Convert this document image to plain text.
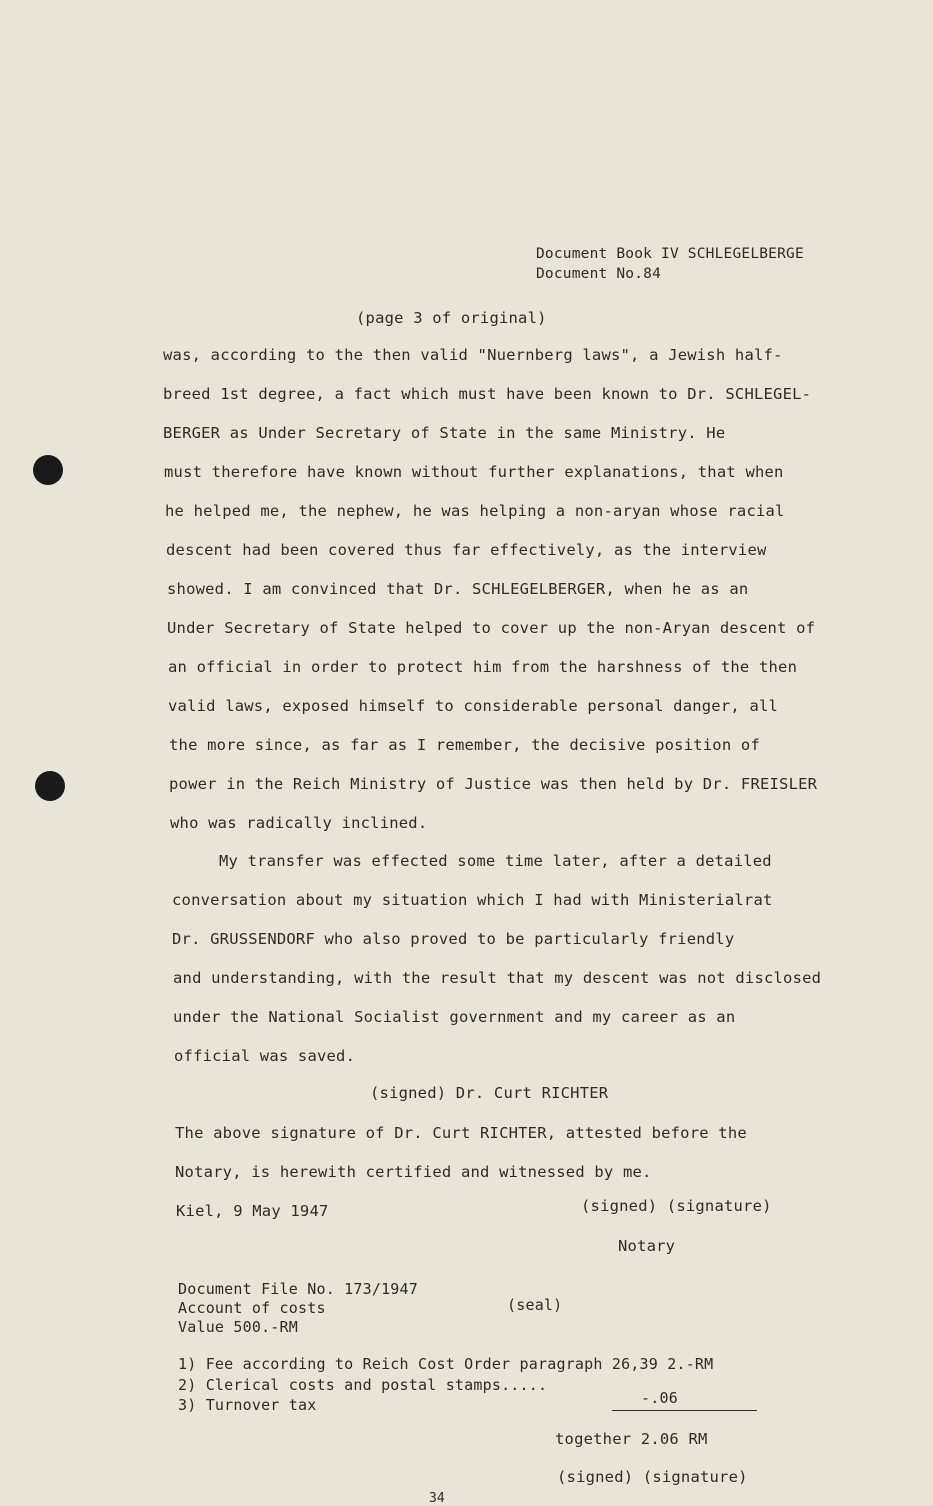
Document Book IV SCHLEGELBERGE
Document No.84
(page 3 of original)
was, according to the then valid "Nuernberg laws", a Jewish half-
breed 1st degree, a fact which must have been known to Dr. SCHLEGEL-
BERGER as Under Secretary of State in the same Ministry. He
must therefore have known without further explanations, that when
he helped me, the nephew, he was helping a non-aryan whose racial
descent had been covered thus far effectively, as the interview
showed. I am convinced that Dr. SCHLEGELBERGER, when he as an
Under Secretary of State helped to cover up the non-Aryan descent of
an official in order to protect him from the harshness of the then
valid laws, exposed himself to considerable personal danger, all
the more since, as far as I remember, the decisive position of
power in the Reich Ministry of Justice was then held by Dr. FREISLER
who was radically inclined.
My transfer was effected some time later, after a detailed
conversation about my situation which I had with Ministerialrat
Dr. GRUSSENDORF who also proved to be particularly friendly
and understanding, with the result that my descent was not disclosed
under the National Socialist government and my career as an
official was saved.
(signed) Dr. Curt RICHTER
The above signature of Dr. Curt RICHTER, attested before the
Notary, is herewith certified and witnessed by me.
Kiel, 9 May 1947	(signed) (signature)
Notary
Document File No. 173/1947
Account of costs
Value 500.-RM
(seal)
1) Fee according to Reich Cost Order paragraph 26,39 2.-RM
2) Clerical costs and postal stamps.....
3) Turnover tax	-.06
together 2.06 RM
(signed) (signature)
34
